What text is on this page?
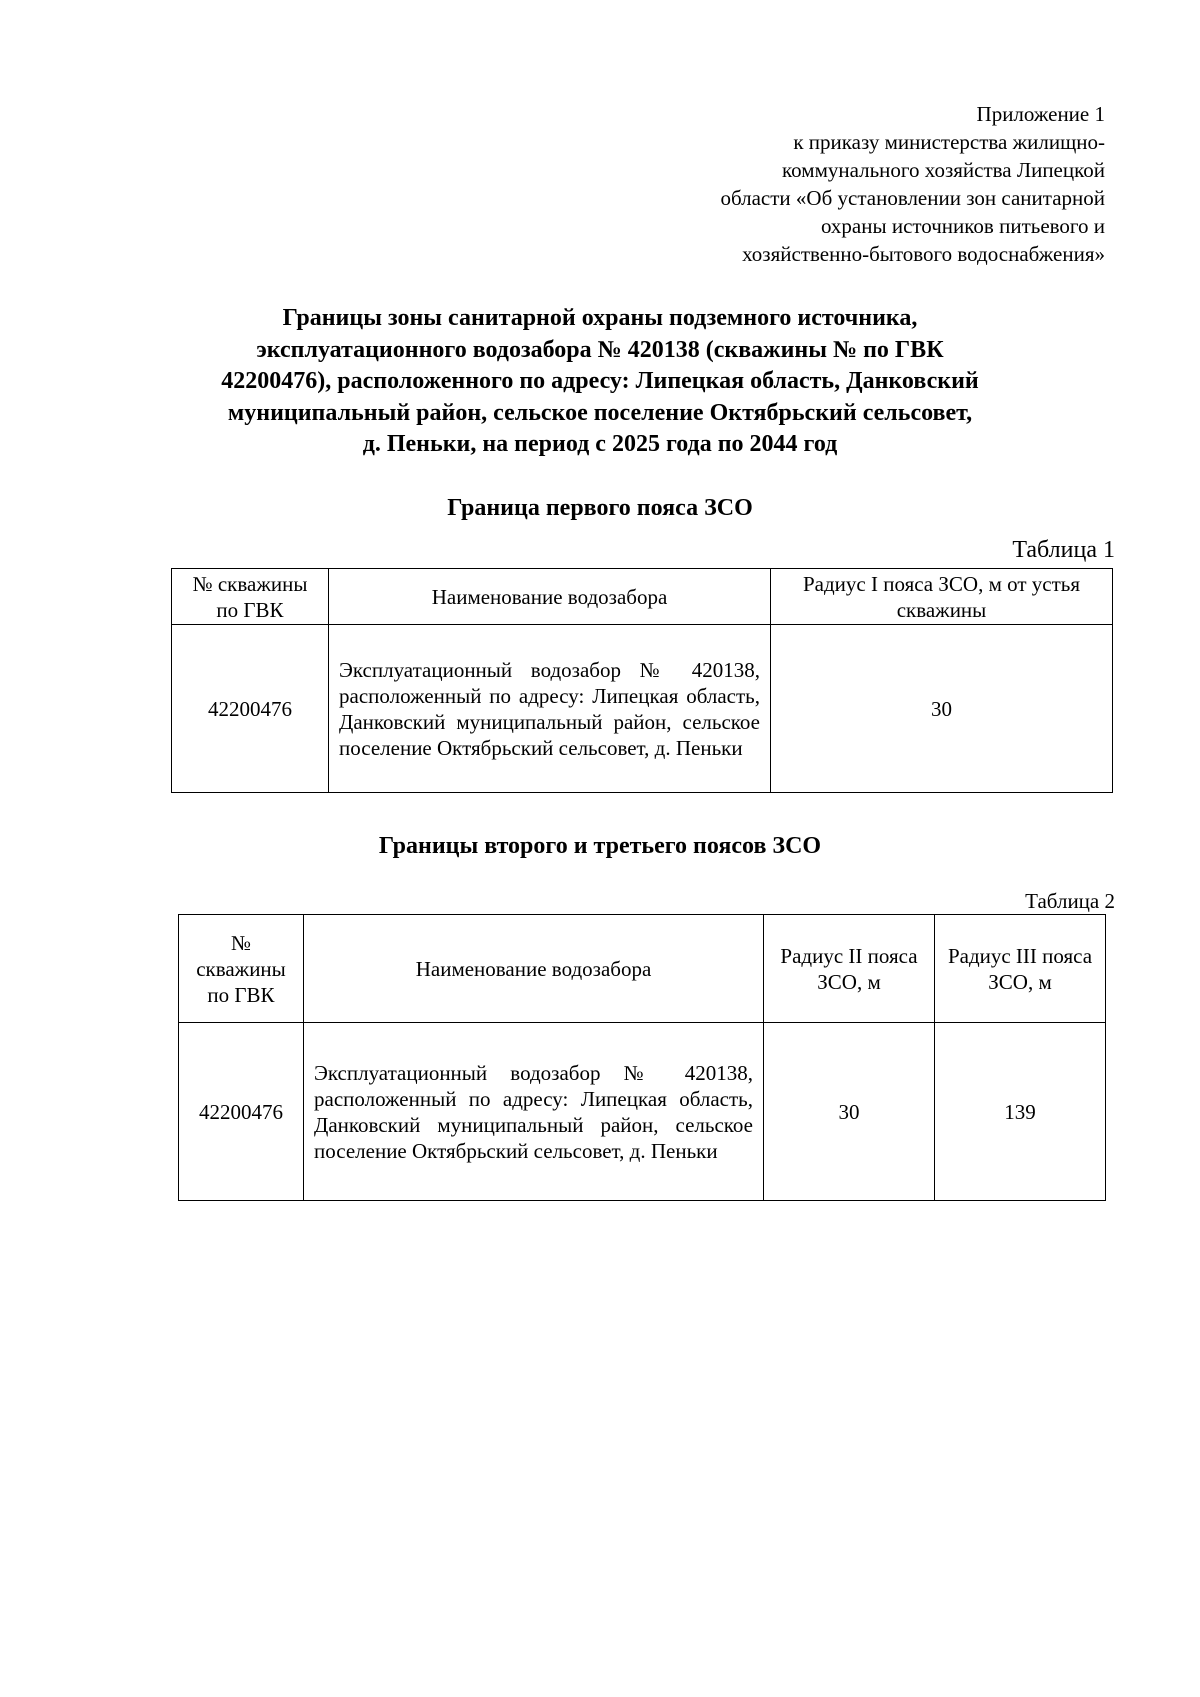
Приложение 1
к приказу министерства жилищно-
коммунального хозяйства Липецкой
области «Об установлении зон санитарной
охраны источников питьевого и
хозяйственно-бытового водоснабжения»
Границы зоны санитарной охраны подземного источника,
эксплуатационного водозабора № 420138 (скважины № по ГВК
42200476), расположенного по адресу: Липецкая область, Данковский
муниципальный район, сельское поселение Октябрьский сельсовет,
д. Пеньки, на период с 2025 года по 2044 год
Граница первого пояса ЗСО
Таблица 1
№ скважины по ГВК	Наименование водозабора	Радиус I пояса ЗСО, м от устья скважины
42200476	Эксплуатационный водозабор № 420138, расположенный по адресу: Липецкая область, Данковский муниципальный район, сельское поселение Октябрьский сельсовет, д. Пеньки	30
Границы второго и третьего поясов ЗСО
Таблица 2
№ скважины по ГВК	Наименование водозабора	Радиус II пояса ЗСО, м	Радиус III пояса ЗСО, м
42200476	Эксплуатационный водозабор № 420138, расположенный по адресу: Липецкая область, Данковский муниципальный район, сельское поселение Октябрьский сельсовет, д. Пеньки	30	139
